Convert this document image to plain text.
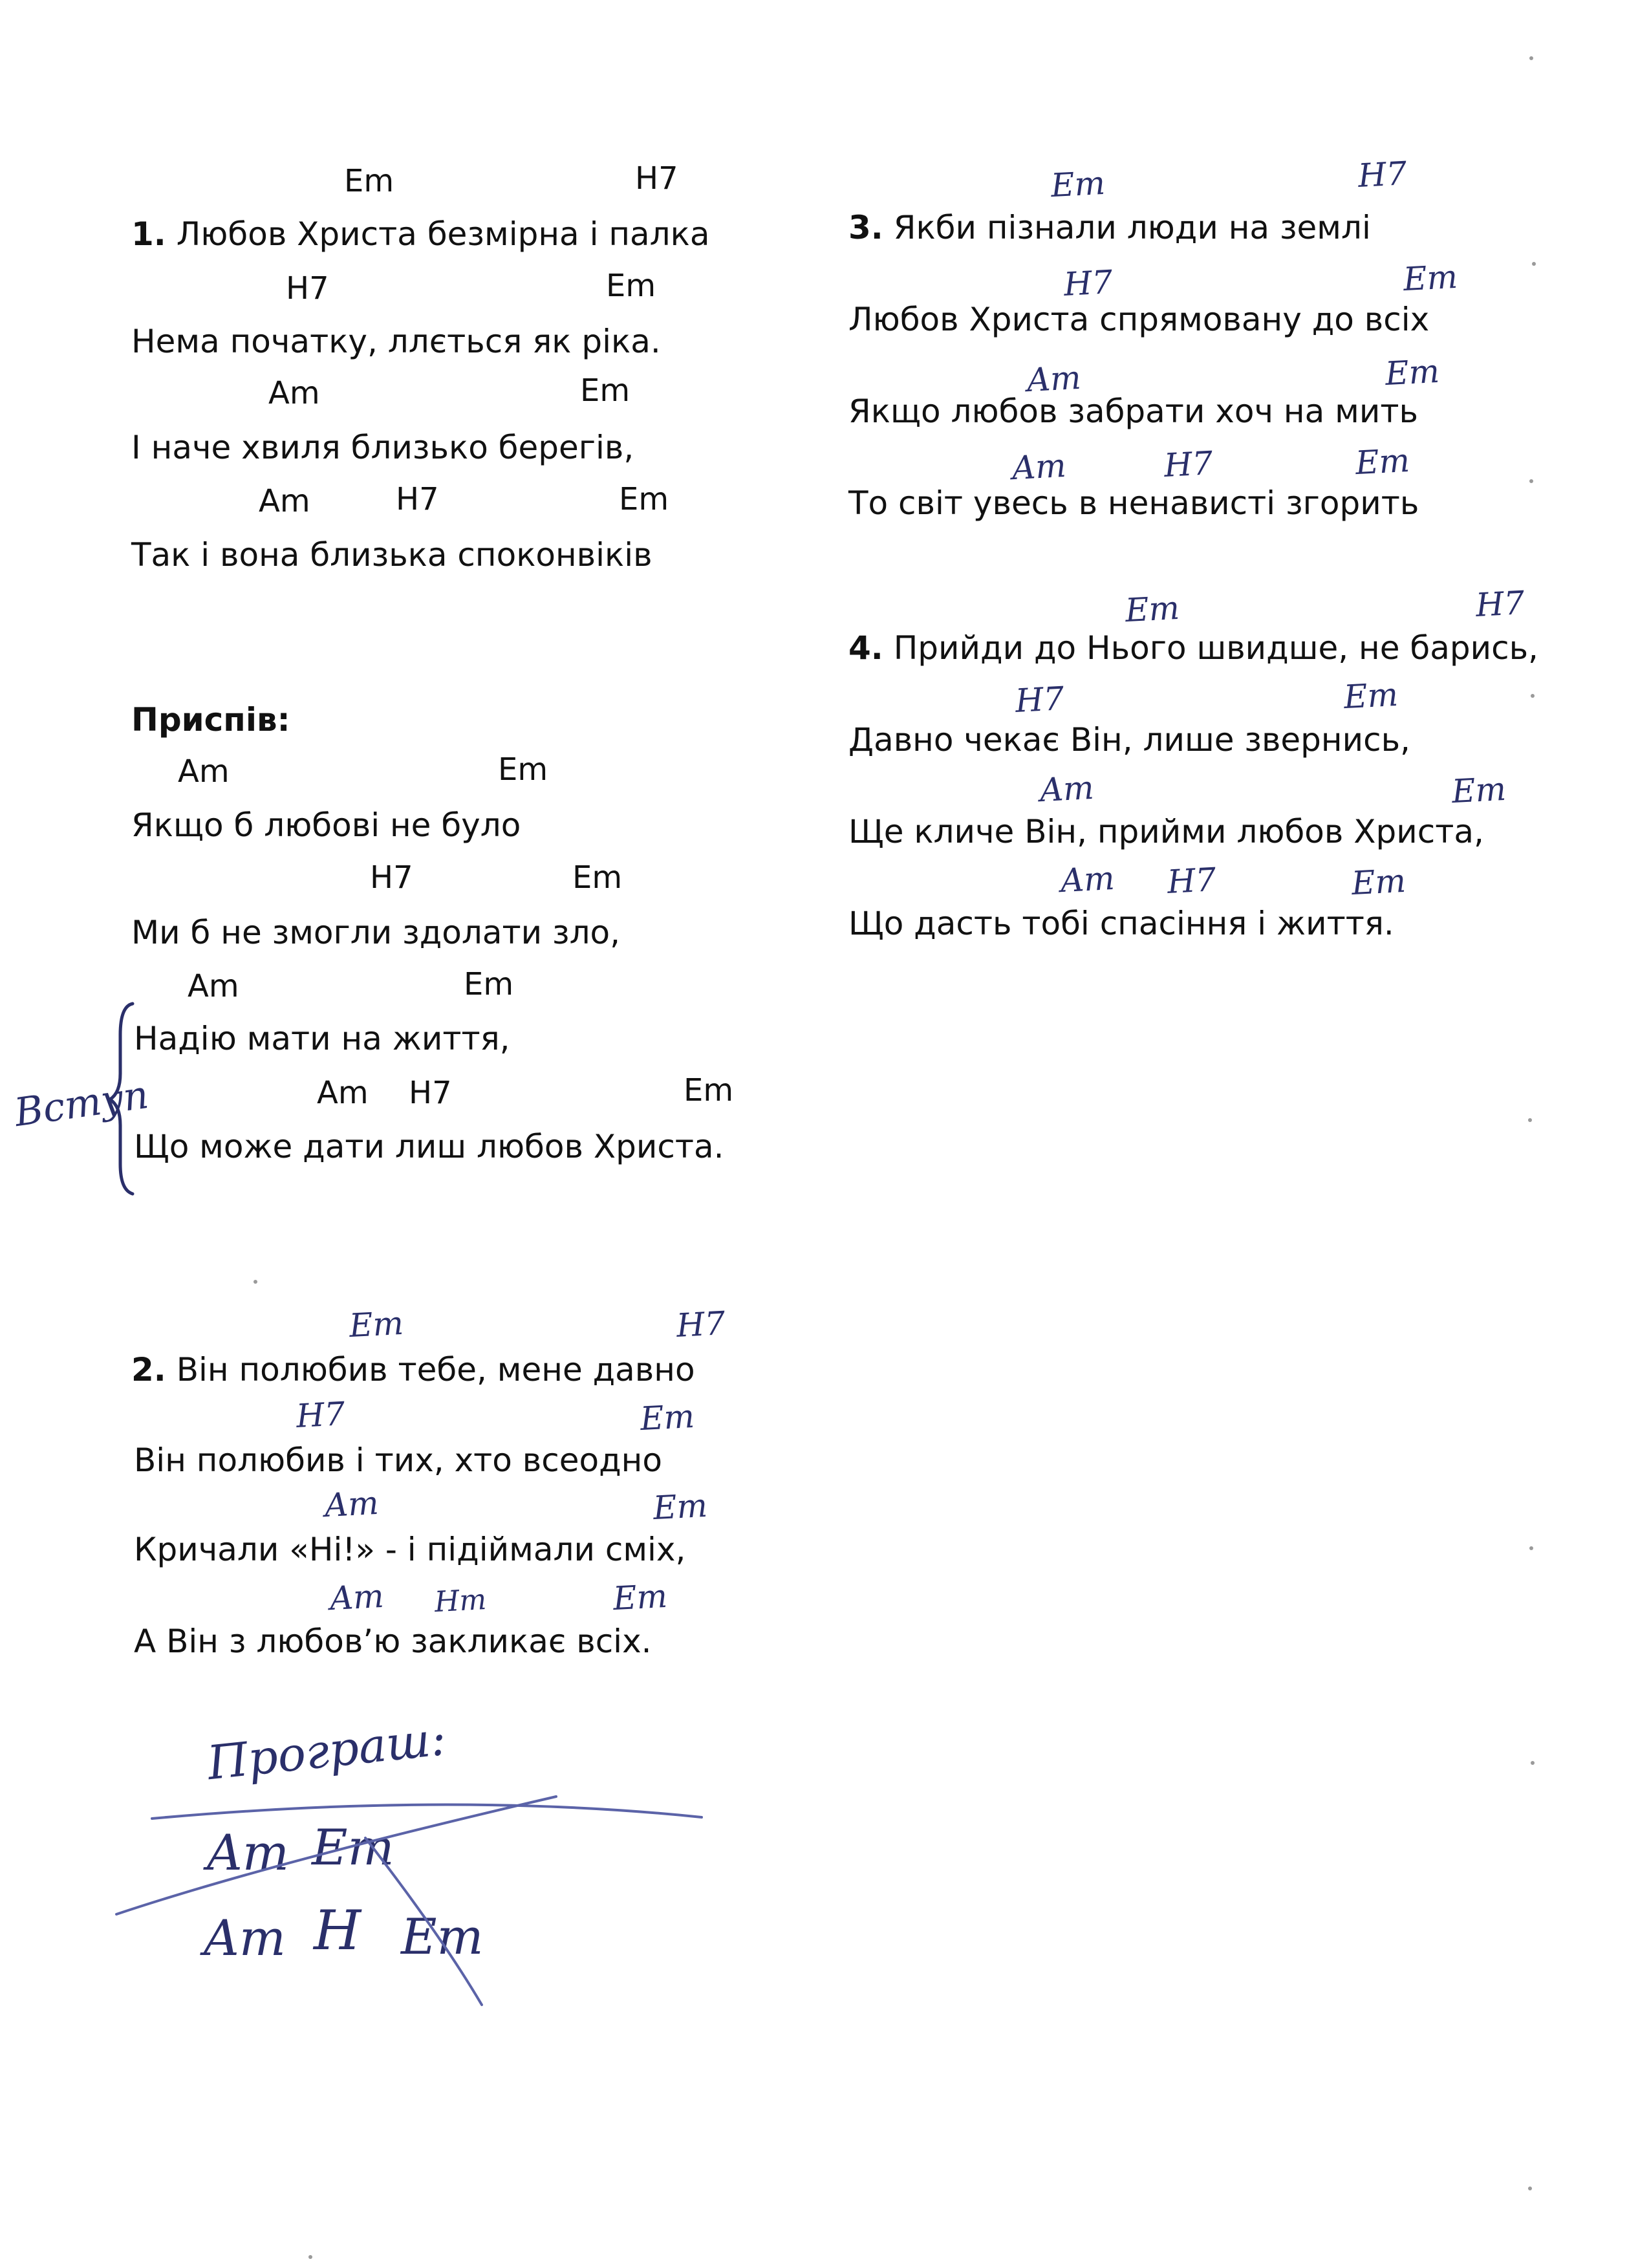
Em	H7
1. Любов Христа безмірна і палка
H7	Em
Нема початку, ллється як ріка.
Am	Em
І наче хвиля близько берегів,
Am	H7	Em
Так і вона близька споконвіків
Приспів:
Am	Em
Якщо б любові не було
H7	Em
Ми б не змогли здолати зло,
Am	Em
Надію мати на життя,
Am H7	Em
Що може дати лиш любов Христа.
Вступ
Em	H7
2. Він полюбив тебе, мене давно
H7	Em
Він полюбив і тих, хто всеодно
Am	Em
Кричали «Ні!» - і підіймали сміх,
Am Hm	Em
А Він з любов’ю закликає всіх.
Em	H7
3. Якби пізнали люди на землі
H7	Em
Любов Христа спрямовану до всіх
Am	Em
Якщо любов забрати хоч на мить
Am	H7	Em
То світ увесь в ненависті згорить
Em	H7
4. Прийди до Нього швидше, не барись,
H7	Em
Давно чекає Він, лише звернись,
Am	Em
Ще кличе Він, прийми любов Христа,
Am H7	Em
Що дасть тобі спасіння і життя.
Програш:
Am Em
Am H Em
